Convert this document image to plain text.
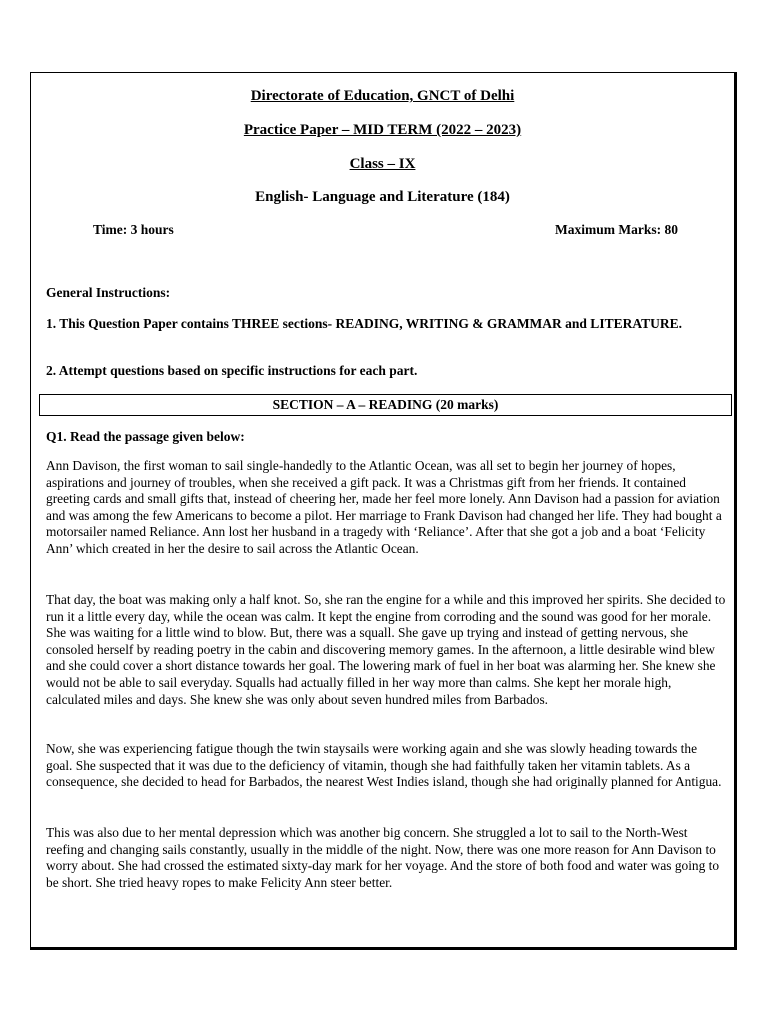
Directorate of Education, GNCT of Delhi
Practice Paper – MID TERM (2022 – 2023)
Class – IX
English- Language and Literature (184)
Time: 3 hours	Maximum Marks: 80
General Instructions:
1. This Question Paper contains THREE sections- READING, WRITING & GRAMMAR and LITERATURE.
2. Attempt questions based on specific instructions for each part.
SECTION – A – READING (20 marks)
Q1. Read the passage given below:

Ann Davison, the first woman to sail single-handedly to the Atlantic Ocean, was all set to begin her journey of hopes, aspirations and journey of troubles, when she received a gift pack. It was a Christmas gift from her friends. It contained greeting cards and small gifts that, instead of cheering her, made her feel more lonely. Ann Davison had a passion for aviation and was among the few Americans to become a pilot. Her marriage to Frank Davison had changed her life. They had bought a motorsailer named Reliance. Ann lost her husband in a tragedy with ‘Reliance’. After that she got a job and a boat ‘Felicity Ann’ which created in her the desire to sail across the Atlantic Ocean.

That day, the boat was making only a half knot. So, she ran the engine for a while and this improved her spirits. She decided to run it a little every day, while the ocean was calm. It kept the engine from corroding and the sound was good for her morale. She was waiting for a little wind to blow. But, there was a squall. She gave up trying and instead of getting nervous, she consoled herself by reading poetry in the cabin and discovering memory games. In the afternoon, a little desirable wind blew and she could cover a short distance towards her goal. The lowering mark of fuel in her boat was alarming her. She knew she would not be able to sail everyday. Squalls had actually filled in her way more than calms. She kept her morale high, calculated miles and days. She knew she was only about seven hundred miles from Barbados.

Now, she was experiencing fatigue though the twin staysails were working again and she was slowly heading towards the goal. She suspected that it was due to the deficiency of vitamin, though she had faithfully taken her vitamin tablets. As a consequence, she decided to head for Barbados, the nearest West Indies island, though she had originally planned for Antigua.

This was also due to her mental depression which was another big concern. She struggled a lot to sail to the North-West reefing and changing sails constantly, usually in the middle of the night. Now, there was one more reason for Ann Davison to worry about. She had crossed the estimated sixty-day mark for her voyage. And the store of both food and water was going to be short. She tried heavy ropes to make Felicity Ann steer better.
